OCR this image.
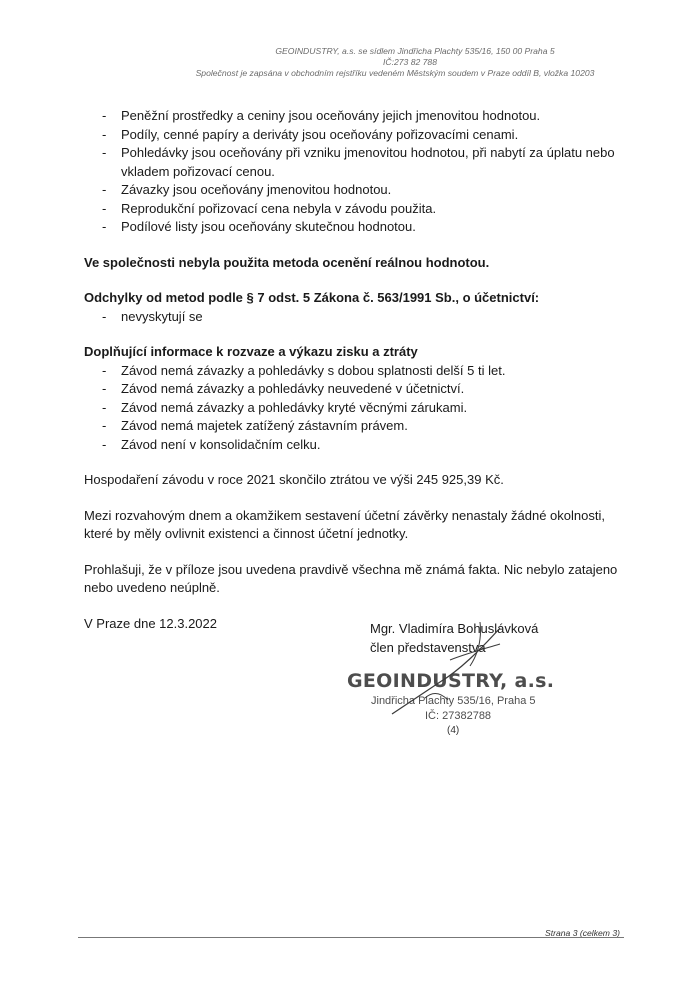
GEOINDUSTRY, a.s. se sídlem Jindřicha Plachty 535/16, 150 00 Praha 5
IČ:273 82 788
Společnost je zapsána v obchodním rejstříku vedeném Městským soudem v Praze oddíl B, vložka 10203
- Peněžní prostředky a ceniny jsou oceňovány jejich jmenovitou hodnotou.
- Podíly, cenné papíry a deriváty jsou oceňovány pořizovacími cenami.
- Pohledávky jsou oceňovány při vzniku jmenovitou hodnotou, při nabytí za úplatu nebo vkladem pořizovací cenou.
- Závazky jsou oceňovány jmenovitou hodnotou.
- Reprodukční pořizovací cena nebyla v závodu použita.
- Podílové listy jsou oceňovány skutečnou hodnotou.

Ve společnosti nebyla použita metoda ocenění reálnou hodnotou.

Odchylky od metod podle § 7 odst. 5 Zákona č. 563/1991 Sb., o účetnictví:

- nevyskytují se

Doplňující informace k rozvaze a výkazu zisku a ztráty

- Závod nemá závazky a pohledávky s dobou splatnosti delší 5 ti let.
- Závod nemá závazky a pohledávky neuvedené v účetnictví.
- Závod nemá závazky a pohledávky kryté věcnými zárukami.
- Závod nemá majetek zatížený zástavním právem.
- Závod není v konsolidačním celku.

Hospodaření závodu v roce 2021 skončilo ztrátou ve výši 245 925,39 Kč.

Mezi rozvahovým dnem a okamžikem sestavení účetní závěrky nenastaly žádné okolnosti, které by měly ovlivnit existenci a činnost účetní jednotky.

Prohlašuji, že v příloze jsou uvedena pravdivě všechna mě známá fakta. Nic nebylo zatajeno nebo uvedeno neúplně.

V Praze dne 12.3.2022	Mgr. Vladimíra Bohuslávková
člen představenstva
GEOINDUSTRY, a.s.
Jindřicha Plachty 535/16, Praha 5
IČ: 27382788
(4)
Strana 3 (celkem 3)
